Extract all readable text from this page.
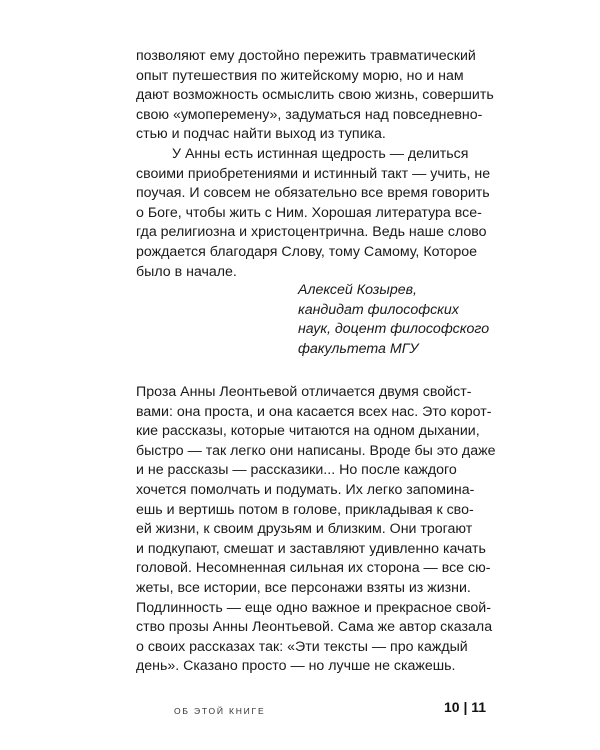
позволяют ему достойно пережить травматический
опыт путешествия по житейскому морю, но и нам
дают возможность осмыслить свою жизнь, совершить
свою «умоперемену», задуматься над повседневно-
стью и подчас найти выход из тупика.
У Анны есть истинная щедрость — делиться
своими приобретениями и истинный такт — учить, не
поучая. И совсем не обязательно все время говорить
о Боге, чтобы жить с Ним. Хорошая литература все-
гда религиозна и христоцентрична. Ведь наше слово
рождается благодаря Слову, тому Самому, Которое
было в начале.
Алексей Козырев,
кандидат философских
наук, доцент философского
факультета МГУ
Проза Анны Леонтьевой отличается двумя свойст-
вами: она проста, и она касается всех нас. Это корот-
кие рассказы, которые читаются на одном дыхании,
быстро — так легко они написаны. Вроде бы это даже
и не рассказы — рассказики... Но после каждого
хочется помолчать и подумать. Их легко запомина-
ешь и вертишь потом в голове, прикладывая к сво-
ей жизни, к своим друзьям и близким. Они трогают
и подкупают, смешат и заставляют удивленно качать
головой. Несомненная сильная их сторона — все сю-
жеты, все истории, все персонажи взяты из жизни.
Подлинность — еще одно важное и прекрасное свой-
ство прозы Анны Леонтьевой. Сама же автор сказала
о своих рассказах так: «Эти тексты — про каждый
день». Сказано просто — но лучше не скажешь.
ОБ ЭТОЙ КНИГЕ	10 | 11
